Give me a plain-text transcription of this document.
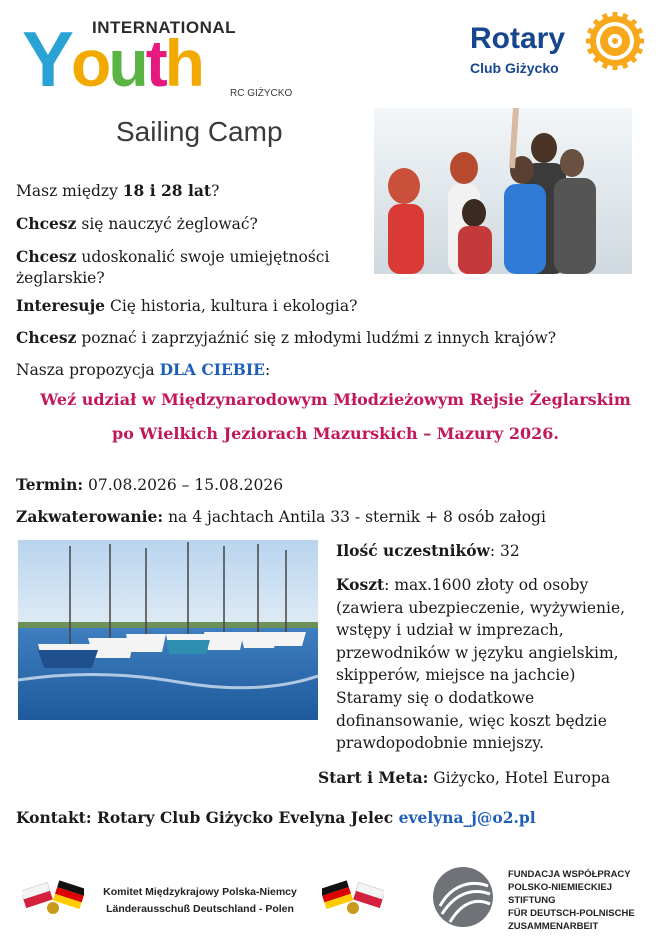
INTERNATIONAL
Youth	RC GIŻYCKO
Sailing Camp
Rotary
Club Giżycko
Masz między 18 i 28 lat?
Chcesz się nauczyć żeglować?
Chcesz udoskonalić swoje umiejętności
żeglarskie?
Interesuje Cię historia, kultura i ekologia?
Chcesz poznać i zaprzyjaźnić się z młodymi ludźmi z innych krajów?
Nasza propozycja DLA CIEBIE:
Weź udział w Międzynarodowym Młodzieżowym Rejsie Żeglarskim
po Wielkich Jeziorach Mazurskich – Mazury 2026.
Termin: 07.08.2026 – 15.08.2026
Zakwaterowanie: na 4 jachtach Antila 33 - sternik + 8 osób załogi
Ilość uczestników: 32
Koszt: max.1600 złoty od osoby
(zawiera ubezpieczenie, wyżywienie,
wstępy i udział w imprezach,
przewodników w języku angielskim,
skipperów, miejsce na jachcie)
Staramy się o dodatkowe
dofinansowanie, więc koszt będzie
prawdopodobnie mniejszy.
Start i Meta: Giżycko, Hotel Europa
Kontakt: Rotary Club Giżycko Evelyna Jelec evelyna_j@o2.pl
Komitet Międzykrajowy Polska-Niemcy
Länderausschuß Deutschland - Polen
FUNDACJA WSPÓŁPRACY
POLSKO-NIEMIECKIEJ
STIFTUNG
FÜR DEUTSCH-POLNISCHE
ZUSAMMENARBEIT
